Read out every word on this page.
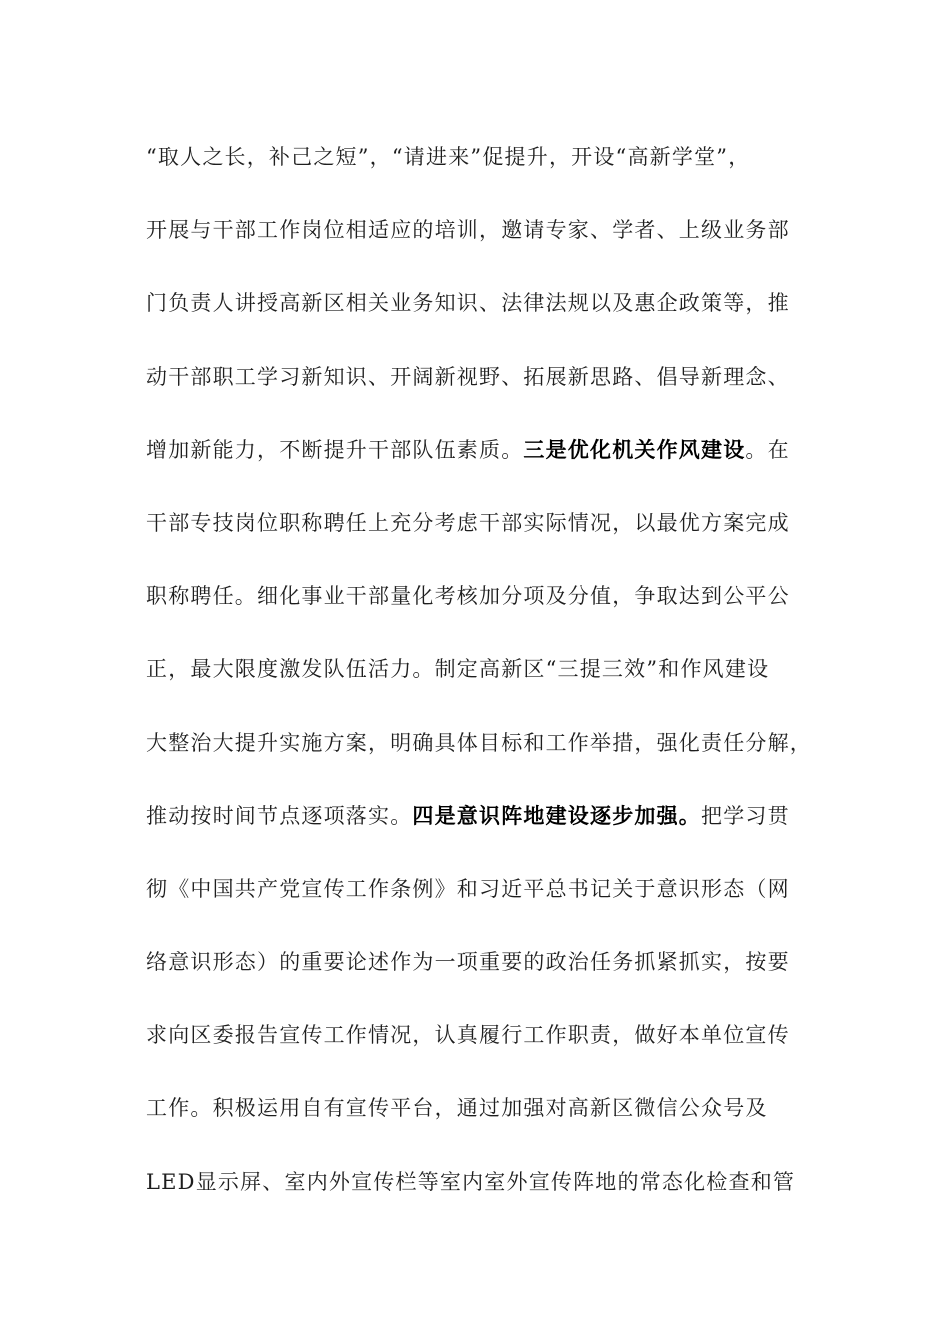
“取人之长，补己之短”，“请进来”促提升，开设“高新学堂”，
开展与干部工作岗位相适应的培训，邀请专家、学者、上级业务部
门负责人讲授高新区相关业务知识、法律法规以及惠企政策等，推
动干部职工学习新知识、开阔新视野、拓展新思路、倡导新理念、
增加新能力，不断提升干部队伍素质。三是优化机关作风建设。在
干部专技岗位职称聘任上充分考虑干部实际情况，以最优方案完成
职称聘任。细化事业干部量化考核加分项及分值，争取达到公平公
正，最大限度激发队伍活力。制定高新区“三提三效”和作风建设
大整治大提升实施方案，明确具体目标和工作举措，强化责任分解，
推动按时间节点逐项落实。四是意识阵地建设逐步加强。把学习贯
彻《中国共产党宣传工作条例》和习近平总书记关于意识形态（网
络意识形态）的重要论述作为一项重要的政治任务抓紧抓实，按要
求向区委报告宣传工作情况，认真履行工作职责，做好本单位宣传
工作。积极运用自有宣传平台，通过加强对高新区微信公众号及
LED显示屏、室内外宣传栏等室内室外宣传阵地的常态化检查和管
